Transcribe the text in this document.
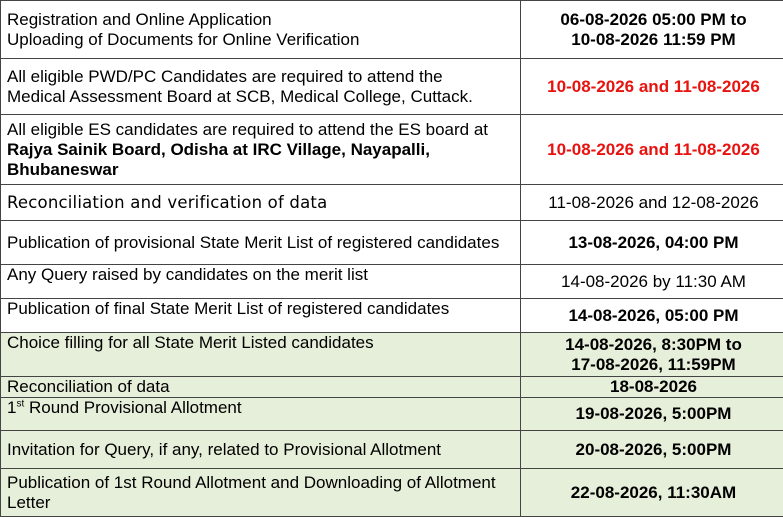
Registration and Online Application
Uploading of Documents for Online Verification	06-08-2026 05:00 PM to
10-08-2026 11:59 PM
All eligible PWD/PC Candidates are required to attend the
Medical Assessment Board at SCB, Medical College, Cuttack.	10-08-2026 and 11-08-2026
All eligible ES candidates are required to attend the ES board at Rajya Sainik Board, Odisha at IRC Village, Nayapalli, Bhubaneswar	10-08-2026 and 11-08-2026
Reconciliation and verification of data	11-08-2026 and 12-08-2026
Publication of provisional State Merit List of registered candidates	13-08-2026, 04:00 PM
Any Query raised by candidates on the merit list	14-08-2026 by 11:30 AM
Publication of final State Merit List of registered candidates	14-08-2026, 05:00 PM
Choice filling for all State Merit Listed candidates	14-08-2026, 8:30PM to
17-08-2026, 11:59PM
Reconciliation of data	18-08-2026
1st Round Provisional Allotment	19-08-2026, 5:00PM
Invitation for Query, if any, related to Provisional Allotment	20-08-2026, 5:00PM
Publication of 1st Round Allotment and Downloading of Allotment Letter	22-08-2026, 11:30AM
